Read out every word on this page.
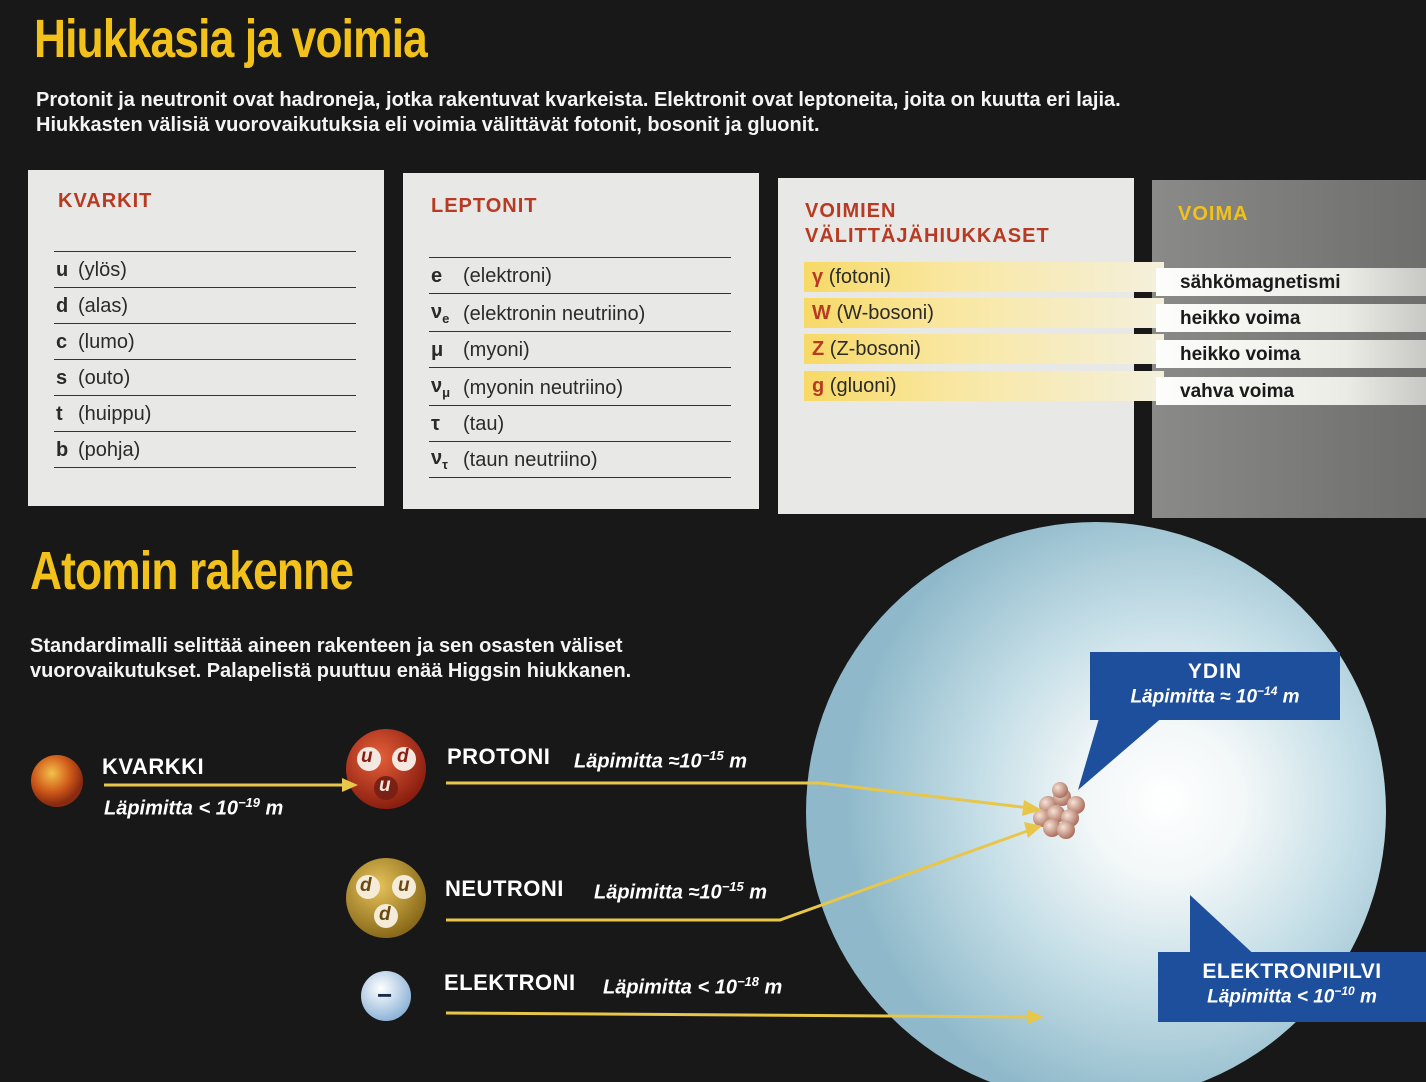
Hiukkasia ja voimia
Protonit ja neutronit ovat hadroneja, jotka rakentuvat kvarkeista. Elektronit ovat leptoneita, joita on kuutta eri lajia.
Hiukkasten välisiä vuorovaikutuksia eli voimia välittävät fotonit, bosonit ja gluonit.
KVARKIT
u (ylös)
d (alas)
c (lumo)
s (outo)
t (huippu)
b (pohja)
LEPTONIT
e (elektroni)
$\nu_e$ (elektronin neutriino)
μ (myoni)
$\nu_\mu$ (myonin neutriino)
τ (tau)
$\nu_\tau$ (taun neutriino)
VOIMIEN
VÄLITTÄJÄHIUKKASET
VOIMA
γ (fotoni)	sähkömagnetismi
W (W-bosoni)	heikko voima
Z (Z-bosoni)	heikko voima
g (gluoni)	vahva voima
Atomin rakenne
Standardimalli selittää aineen rakenteen ja sen osasten väliset
vuorovaikutukset. Palapelistä puuttuu enää Higgsin hiukkanen.
u d
u
d u
d
−
KVARKKI
Läpimitta < $10^{-19}$ m
PROTONI Läpimitta $\approx 10^{-15}$ m
NEUTRONI Läpimitta $\approx 10^{-15}$ m
ELEKTRONI Läpimitta < $10^{-18}$ m
YDIN
Läpimitta ≈ $10^{-14}$ m
ELEKTRONIPILVI
Läpimitta < $10^{-10}$ m
